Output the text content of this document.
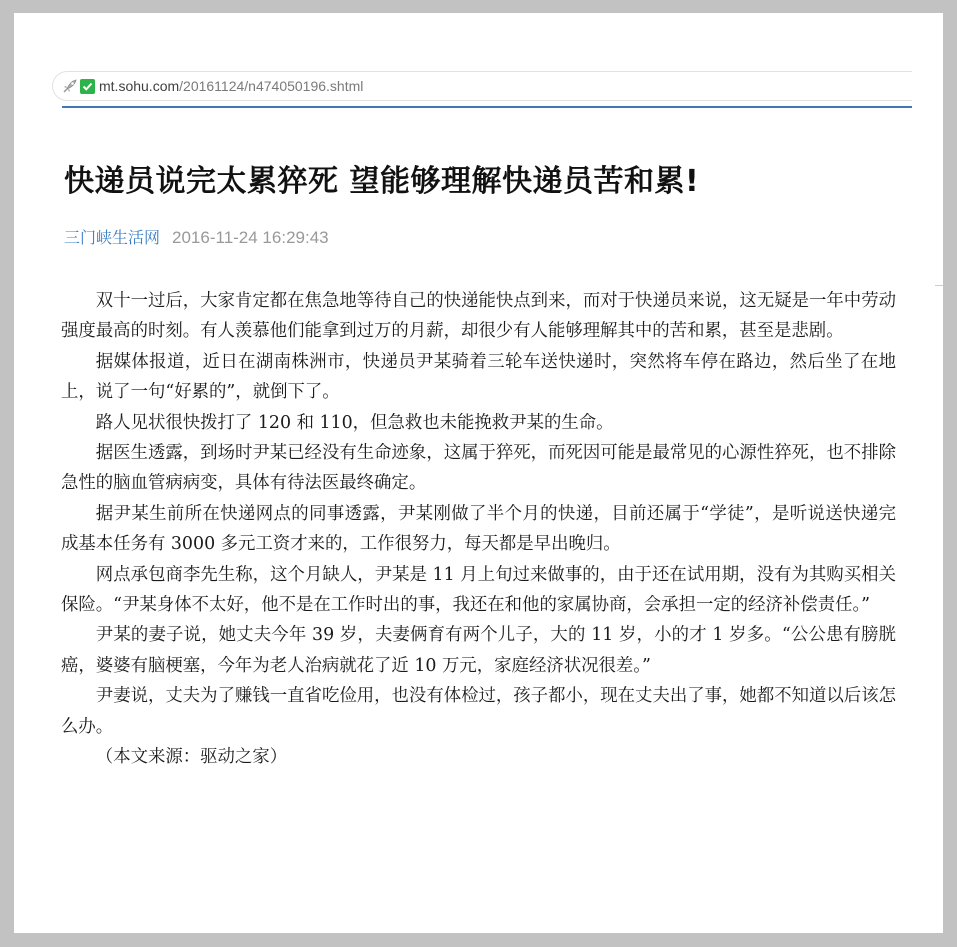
mt.sohu.com/20161124/n474050196.shtml
快递员说完太累猝死 望能够理解快递员苦和累!
三门峡生活网 2016-11-24 16:29:43

双十一过后，大家肯定都在焦急地等待自己的快递能快点到来，而对于快递员来说，这无疑是一年中劳动强度最高的时刻。有人羡慕他们能拿到过万的月薪，却很少有人能够理解其中的苦和累，甚至是悲剧。

据媒体报道，近日在湖南株洲市，快递员尹某骑着三轮车送快递时，突然将车停在路边，然后坐了在地上，说了一句“好累的”，就倒下了。

路人见状很快拨打了 120 和 110，但急救也未能挽救尹某的生命。

据医生透露，到场时尹某已经没有生命迹象，这属于猝死，而死因可能是最常见的心源性猝死，也不排除急性的脑血管病病变，具体有待法医最终确定。

据尹某生前所在快递网点的同事透露，尹某刚做了半个月的快递，目前还属于“学徒”，是听说送快递完成基本任务有 3000 多元工资才来的，工作很努力，每天都是早出晚归。

网点承包商李先生称，这个月缺人，尹某是 11 月上旬过来做事的，由于还在试用期，没有为其购买相关保险。“尹某身体不太好，他不是在工作时出的事，我还在和他的家属协商，会承担一定的经济补偿责任。”

尹某的妻子说，她丈夫今年 39 岁，夫妻俩育有两个儿子，大的 11 岁，小的才 1 岁多。“公公患有膀胱癌，婆婆有脑梗塞，今年为老人治病就花了近 10 万元，家庭经济状况很差。”

尹妻说，丈夫为了赚钱一直省吃俭用，也没有体检过，孩子都小，现在丈夫出了事，她都不知道以后该怎么办。

（本文来源：驱动之家）
